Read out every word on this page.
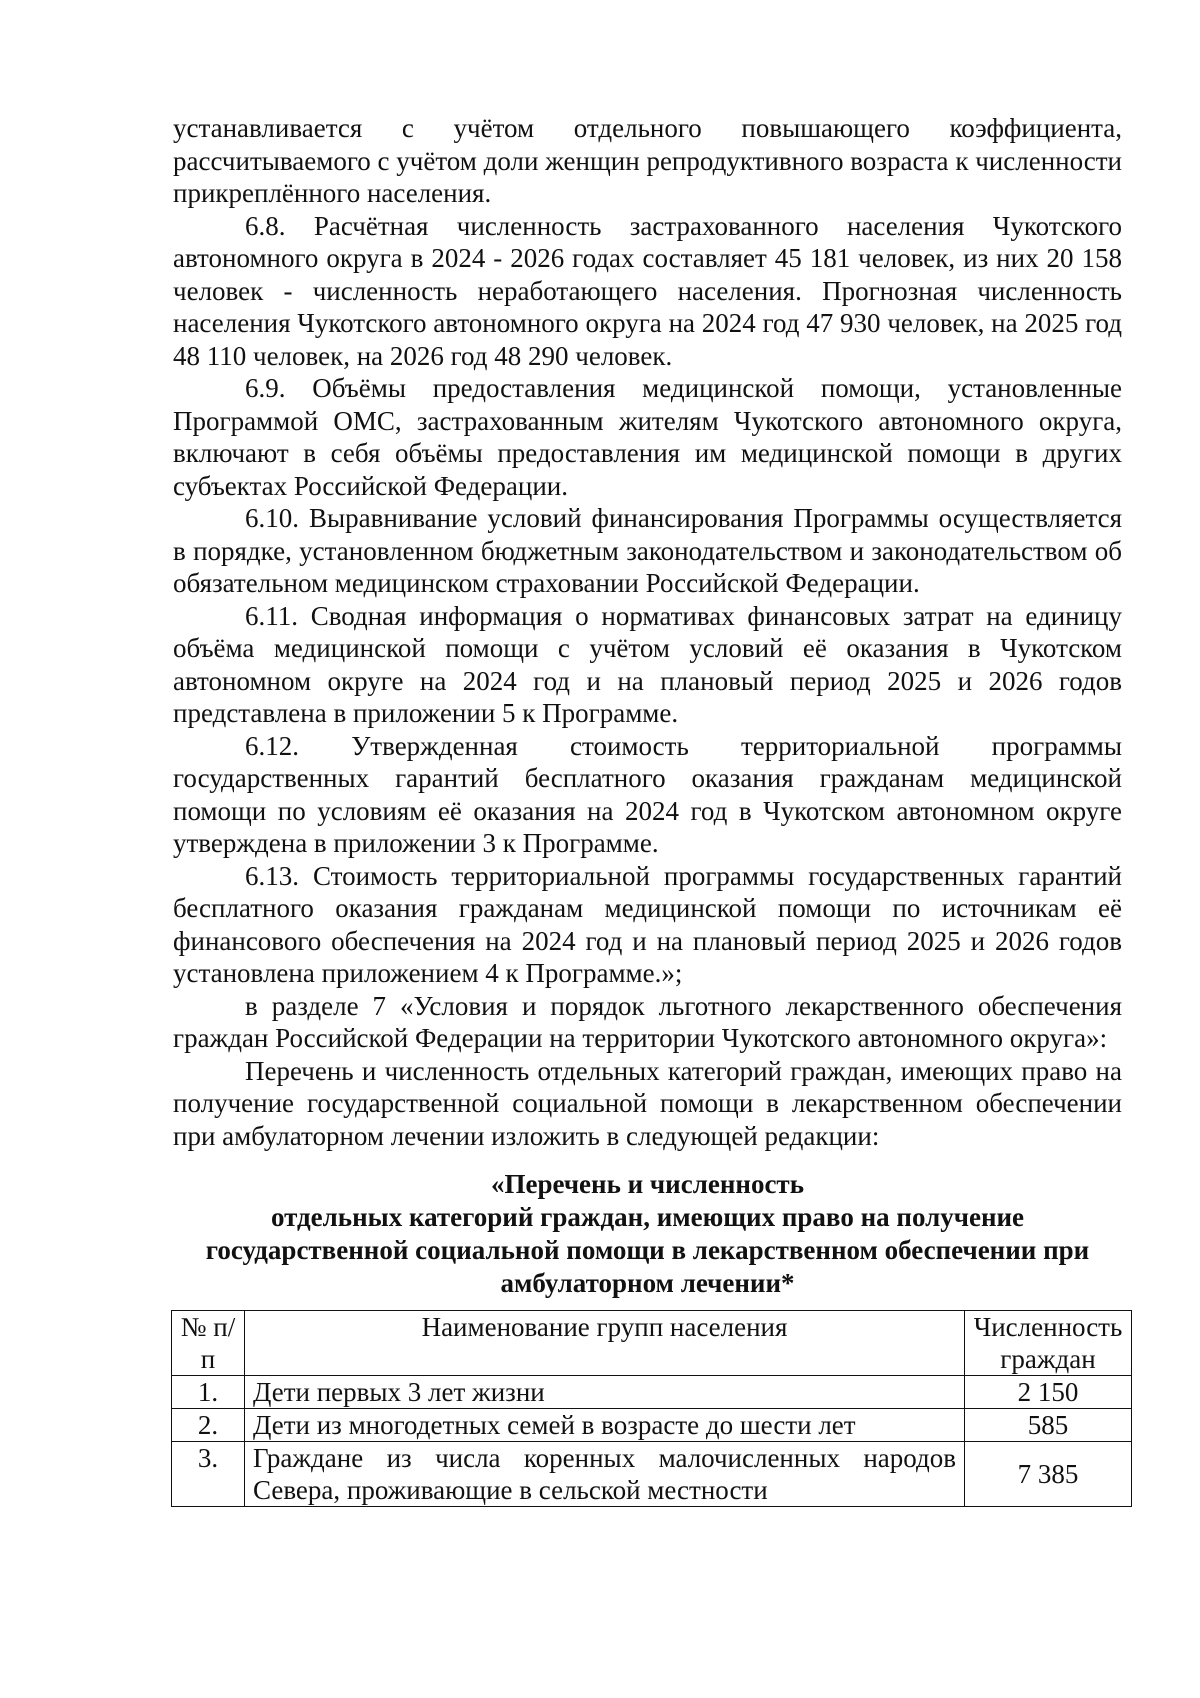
устанавливается с учётом отдельного повышающего коэффициента, рассчитываемого с учётом доли женщин репродуктивного возраста к численности прикреплённого населения.

6.8. Расчётная численность застрахованного населения Чукотского автономного округа в 2024 - 2026 годах составляет 45 181 человек, из них 20 158 человек - численность неработающего населения. Прогнозная численность населения Чукотского автономного округа на 2024 год 47 930 человек, на 2025 год 48 110 человек, на 2026 год 48 290 человек.

6.9. Объёмы предоставления медицинской помощи, установленные Программой ОМС, застрахованным жителям Чукотского автономного округа, включают в себя объёмы предоставления им медицинской помощи в других субъектах Российской Федерации.

6.10. Выравнивание условий финансирования Программы осуществляется в порядке, установленном бюджетным законодательством и законодательством об обязательном медицинском страховании Российской Федерации.

6.11. Сводная информация о нормативах финансовых затрат на единицу объёма медицинской помощи с учётом условий её оказания в Чукотском автономном округе на 2024 год и на плановый период 2025 и 2026 годов представлена в приложении 5 к Программе.

6.12. Утвержденная стоимость территориальной программы государственных гарантий бесплатного оказания гражданам медицинской помощи по условиям её оказания на 2024 год в Чукотском автономном округе утверждена в приложении 3 к Программе.

6.13. Стоимость территориальной программы государственных гарантий бесплатного оказания гражданам медицинской помощи по источникам её финансового обеспечения на 2024 год и на плановый период 2025 и 2026 годов установлена приложением 4 к Программе.»;

в разделе 7 «Условия и порядок льготного лекарственного обеспечения граждан Российской Федерации на территории Чукотского автономного округа»:

Перечень и численность отдельных категорий граждан, имеющих право на получение государственной социальной помощи в лекарственном обеспечении при амбулаторном лечении изложить в следующей редакции:

«Перечень и численность
отдельных категорий граждан, имеющих право на получение
государственной социальной помощи в лекарственном обеспечении при
амбулаторном лечении*
№ п/п	Наименование групп населения	Численность граждан
1.	Дети первых 3 лет жизни	2 150
2.	Дети из многодетных семей в возрасте до шести лет	585
3.	Граждане из числа коренных малочисленных народов Севера, проживающие в сельской местности	7 385
